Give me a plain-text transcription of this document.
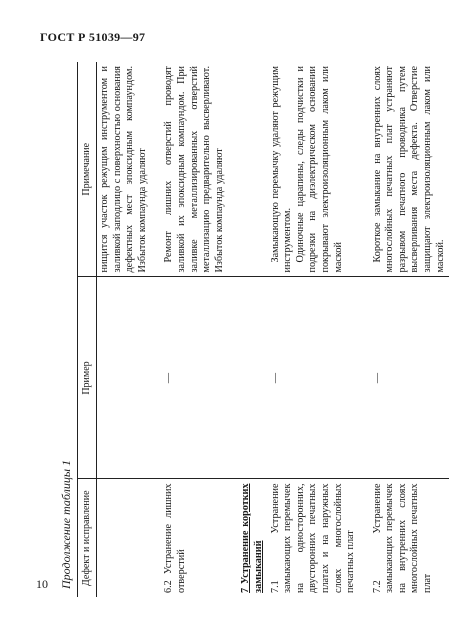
ГОСТ Р 51039—97
Продолжение таблицы 1 Дефект и исправление	Пример	Примечание
		нищится участок режущим инструментом и заливкой заподлицо с поверхностью основания дефектных мест эпоксидным компаундом. Избыток компаунда удаляют

6.2 Устранение лишних отверстий	—	Ремонт лишних отверстий проводят заливкой их эпоксидным компаундом. При заливке металлизированных отверстий металлизацию предварительно высверливают. Избыток компаунда удаляют

7 Устранение коротких замыканий		
7.1 Устранение замыкающих перемычек на односторонних, двусторонних печатных платах и на наружных слоях многослойных печатных плат	—	Замыкающую перемычку удаляют режущим инструментом. Одиночные царапины, следы подчистки и подрезки на диэлектрическом основании покрывают электроизоляционным лаком или маской

7.2 Устранение замыкающих перемычек на внутренних слоях многослойных печатных плат	—	Короткое замыкание на внутренних слоях многослойных печатных плат устраняют разрывом печатного проводника путем высверливания места дефекта. Отверстие защищают электроизоляционным лаком или маской.

10
